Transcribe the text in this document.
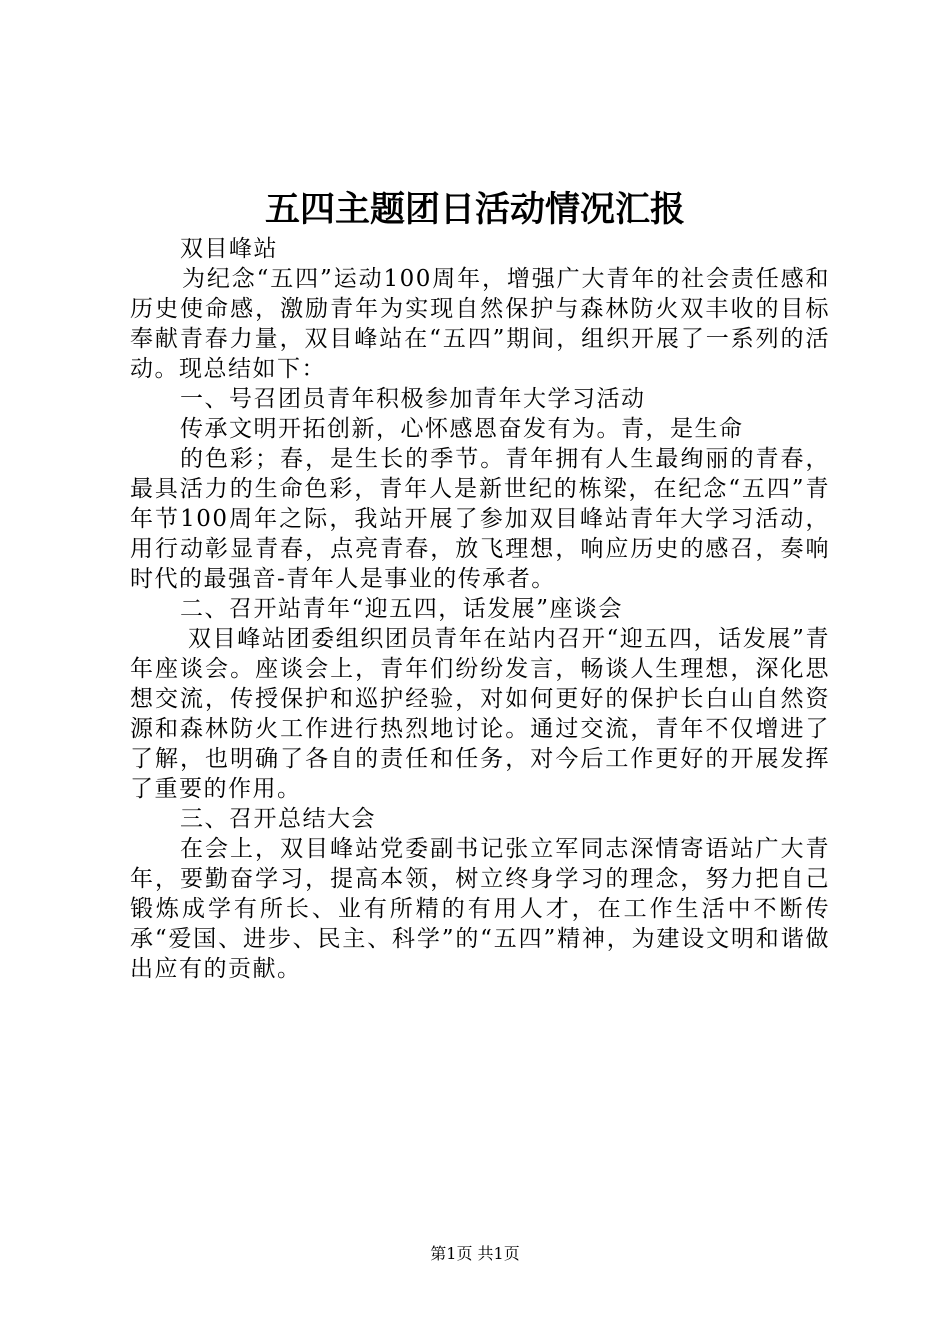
五四主题团日活动情况汇报

双目峰站

为纪念“五四”运动100周年，增强广大青年的社会责任感和历史使命感，激励青年为实现自然保护与森林防火双丰收的目标奉献青春力量，双目峰站在“五四”期间，组织开展了一系列的活动。现总结如下：

一、号召团员青年积极参加青年大学习活动

传承文明开拓创新，心怀感恩奋发有为。青，是生命

的色彩；春，是生长的季节。青年拥有人生最绚丽的青春，最具活力的生命色彩，青年人是新世纪的栋梁，在纪念“五四”青年节100周年之际，我站开展了参加双目峰站青年大学习活动，用行动彰显青春，点亮青春，放飞理想，响应历史的感召，奏响时代的最强音-青年人是事业的传承者。

二、召开站青年“迎五四，话发展”座谈会

双目峰站团委组织团员青年在站内召开“迎五四，话发展”青年座谈会。座谈会上，青年们纷纷发言，畅谈人生理想，深化思想交流，传授保护和巡护经验，对如何更好的保护长白山自然资源和森林防火工作进行热烈地讨论。通过交流，青年不仅增进了了解，也明确了各自的责任和任务，对今后工作更好的开展发挥了重要的作用。

三、召开总结大会

在会上，双目峰站党委副书记张立军同志深情寄语站广大青年，要勤奋学习，提高本领，树立终身学习的理念，努力把自己锻炼成学有所长、业有所精的有用人才，在工作生活中不断传承“爱国、进步、民主、科学”的“五四”精神，为建设文明和谐做出应有的贡献。

第1页 共1页
